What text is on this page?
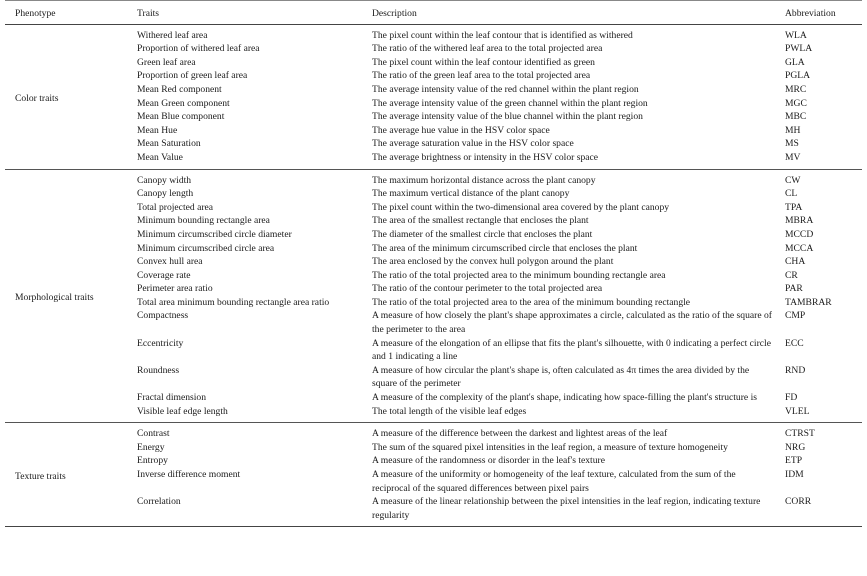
Phenotype	Traits	Description	Abbreviation
Color traits	Withered leaf area	The pixel count within the leaf contour that is identified as withered	WLA
	Proportion of withered leaf area	The ratio of the withered leaf area to the total projected area	PWLA
	Green leaf area	The pixel count within the leaf contour identified as green	GLA
	Proportion of green leaf area	The ratio of the green leaf area to the total projected area	PGLA
	Mean Red component	The average intensity value of the red channel within the plant region	MRC
	Mean Green component	The average intensity value of the green channel within the plant region	MGC
	Mean Blue component	The average intensity value of the blue channel within the plant region	MBC
	Mean Hue	The average hue value in the HSV color space	MH
	Mean Saturation	The average saturation value in the HSV color space	MS
	Mean Value	The average brightness or intensity in the HSV color space	MV
Morphological traits	Canopy width	The maximum horizontal distance across the plant canopy	CW
	Canopy length	The maximum vertical distance of the plant canopy	CL
	Total projected area	The pixel count within the two-dimensional area covered by the plant canopy	TPA
	Minimum bounding rectangle area	The area of the smallest rectangle that encloses the plant	MBRA
	Minimum circumscribed circle diameter	The diameter of the smallest circle that encloses the plant	MCCD
	Minimum circumscribed circle area	The area of the minimum circumscribed circle that encloses the plant	MCCA
	Convex hull area	The area enclosed by the convex hull polygon around the plant	CHA
	Coverage rate	The ratio of the total projected area to the minimum bounding rectangle area	CR
	Perimeter area ratio	The ratio of the contour perimeter to the total projected area	PAR
	Total area minimum bounding rectangle area ratio	The ratio of the total projected area to the area of the minimum bounding rectangle	TAMBRAR
	Compactness	A measure of how closely the plant's shape approximates a circle, calculated as the ratio of the square of the perimeter to the area	CMP
	Eccentricity	A measure of the elongation of an ellipse that fits the plant's silhouette, with 0 indicating a perfect circle and 1 indicating a line	ECC
	Roundness	A measure of how circular the plant's shape is, often calculated as 4π times the area divided by the square of the perimeter	RND
	Fractal dimension	A measure of the complexity of the plant's shape, indicating how space-filling the plant's structure is	FD
	Visible leaf edge length	The total length of the visible leaf edges	VLEL
Texture traits	Contrast	A measure of the difference between the darkest and lightest areas of the leaf	CTRST
	Energy	The sum of the squared pixel intensities in the leaf region, a measure of texture homogeneity	NRG
	Entropy	A measure of the randomness or disorder in the leaf's texture	ETP
	Inverse difference moment	A measure of the uniformity or homogeneity of the leaf texture, calculated from the sum of the reciprocal of the squared differences between pixel pairs	IDM
	Correlation	A measure of the linear relationship between the pixel intensities in the leaf region, indicating texture regularity	CORR
